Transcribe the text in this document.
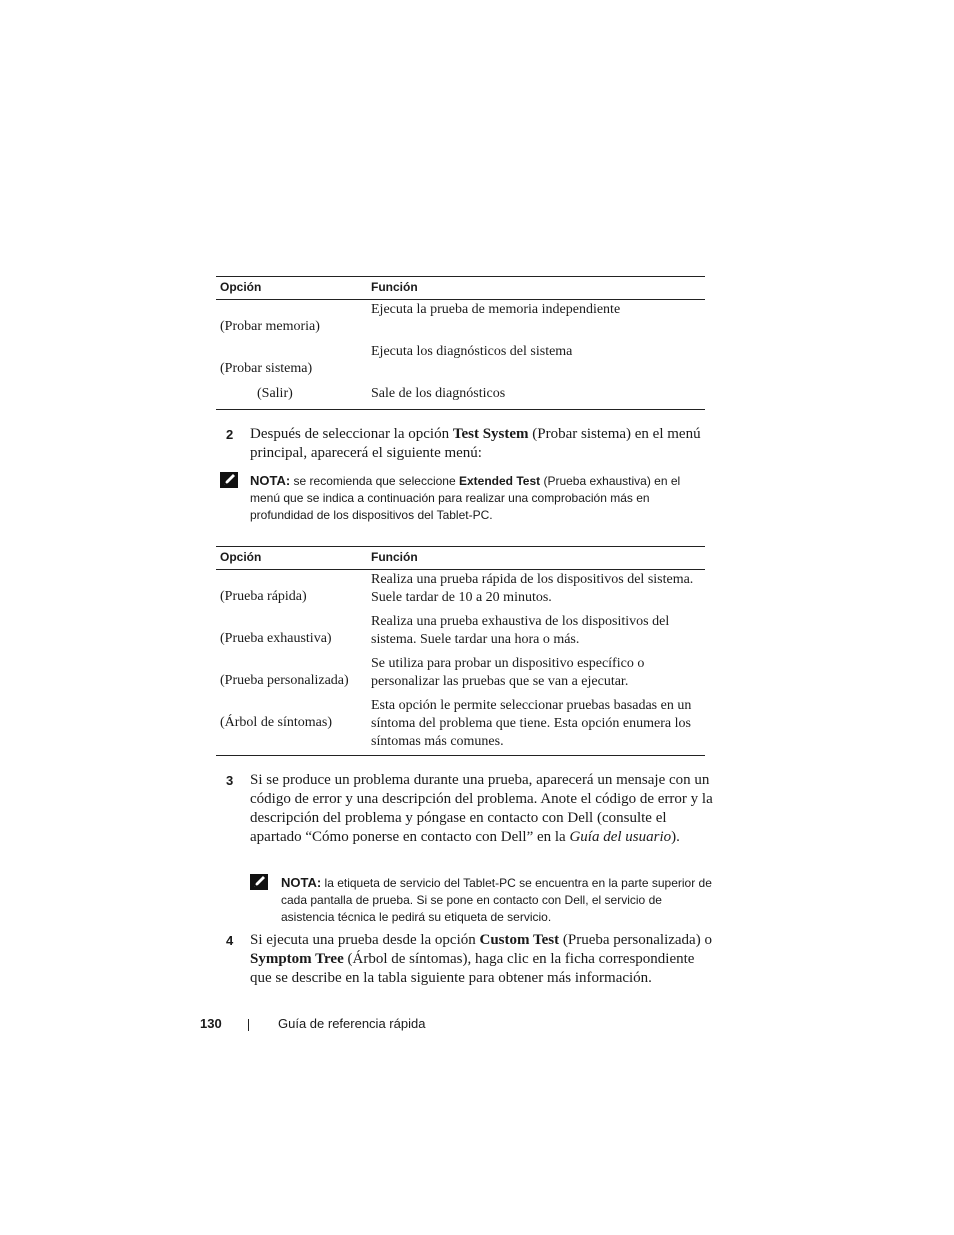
Opción	Función

(Probar memoria)	Ejecuta la prueba de memoria independiente

(Probar sistema)	Ejecuta los diagnósticos del sistema
(Salir)	Sale de los diagnósticos
2 Después de seleccionar la opción Test System (Probar sistema) en el menú principal, aparecerá el siguiente menú:
NOTA: se recomienda que seleccione Extended Test (Prueba exhaustiva) en el menú que se indica a continuación para realizar una comprobación más en profundidad de los dispositivos del Tablet-PC.
Opción	Función

(Prueba rápida)	Realiza una prueba rápida de los dispositivos del sistema. Suele tardar de 10 a 20 minutos.

(Prueba exhaustiva)	Realiza una prueba exhaustiva de los dispositivos del sistema. Suele tardar una hora o más.

(Prueba personalizada)	Se utiliza para probar un dispositivo específico o personalizar las pruebas que se van a ejecutar.

(Árbol de síntomas)	Esta opción le permite seleccionar pruebas basadas en un síntoma del problema que tiene. Esta opción enumera los síntomas más comunes.
3 Si se produce un problema durante una prueba, aparecerá un mensaje con un código de error y una descripción del problema. Anote el código de error y la descripción del problema y póngase en contacto con Dell (consulte el apartado “Cómo ponerse en contacto con Dell” en la Guía del usuario).
NOTA: la etiqueta de servicio del Tablet-PC se encuentra en la parte superior de cada pantalla de prueba. Si se pone en contacto con Dell, el servicio de asistencia técnica le pedirá su etiqueta de servicio.
4 Si ejecuta una prueba desde la opción Custom Test (Prueba personalizada) o Symptom Tree (Árbol de síntomas), haga clic en la ficha correspondiente que se describe en la tabla siguiente para obtener más información.
130	Guía de referencia rápida
